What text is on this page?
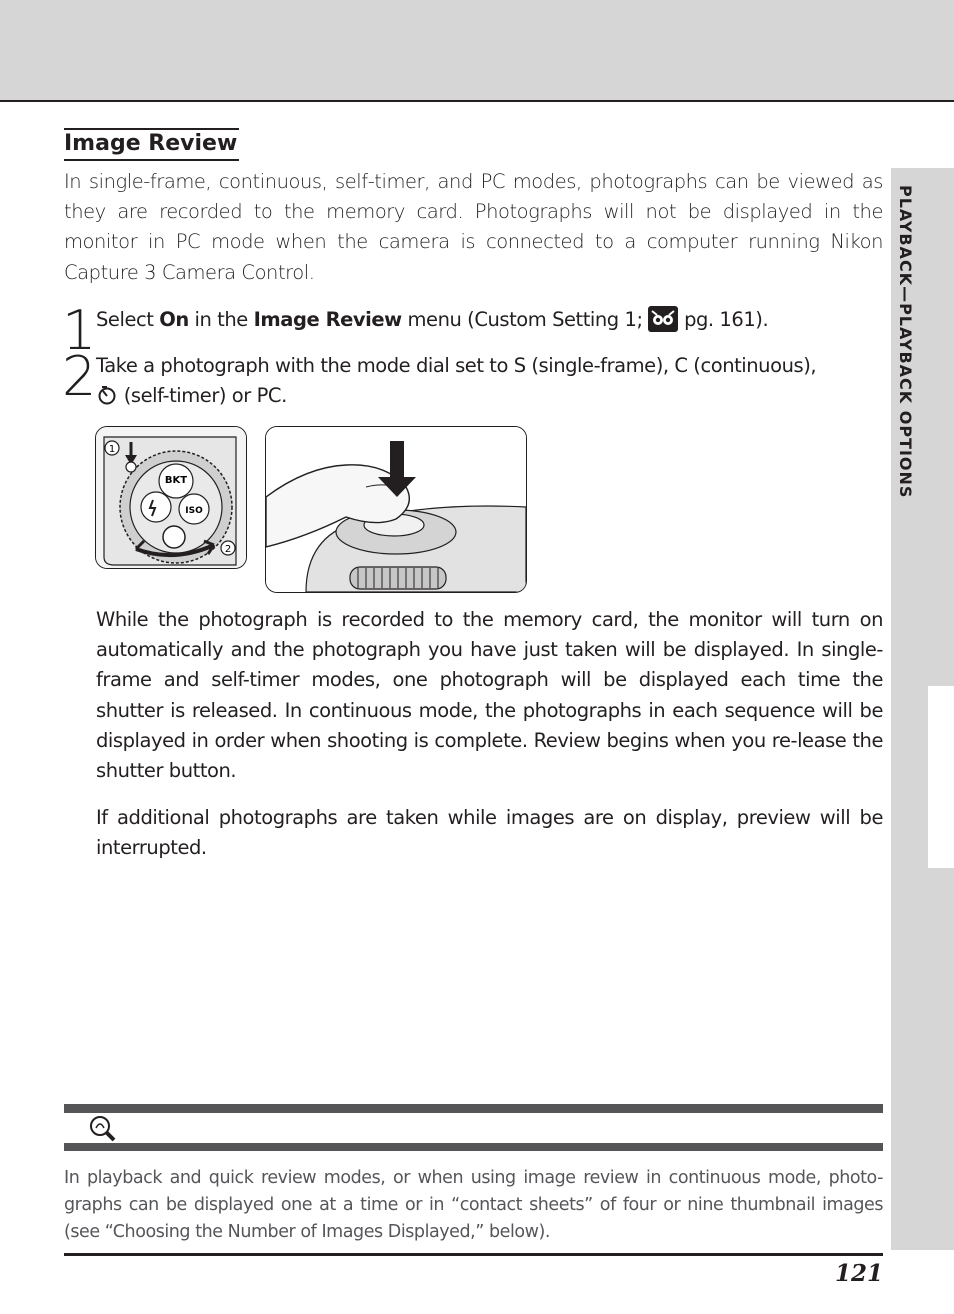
PLAYBACK—PLAYBACK OPTIONS
Image Review
In single-frame, continuous, self-timer, and PC modes, photographs can be viewed as they are recorded to the memory card. Photographs will not be displayed in the monitor in PC mode when the camera is connected to a computer running Nikon Capture 3 Camera Control.
1 Select On in the Image Review menu (Custom Setting 1;  pg. 161).
2 Take a photograph with the mode dial set to S (single-frame), C (continuous),
(self-timer) or PC.
BKT
ISO
1
2
While the photograph is recorded to the memory card, the monitor will turn on automatically and the photograph you have just taken will be displayed. In single-frame and self-timer modes, one photograph will be displayed each time the shutter is released. In continuous mode, the photographs in each sequence will be displayed in order when shooting is complete. Review begins when you re-lease the shutter button.
If additional photographs are taken while images are on display, preview will be interrupted.
In playback and quick review modes, or when using image review in continuous mode, photo-graphs can be displayed one at a time or in “contact sheets” of four or nine thumbnail images (see “Choosing the Number of Images Displayed,” below).
121
